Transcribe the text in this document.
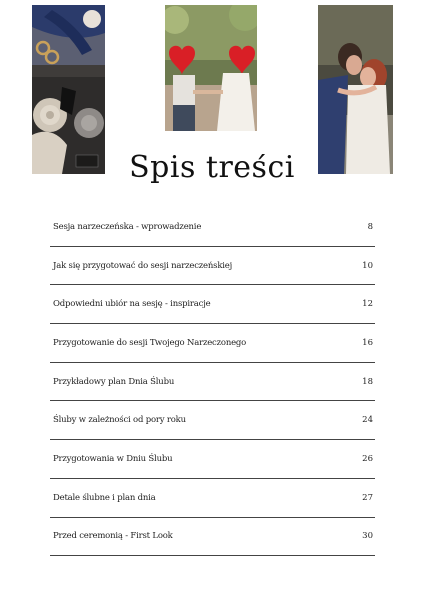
Spis treści
Sesja narzeczeńska - wprowadzenie	8
Jak się przygotować do sesji narzeczeńskiej	10
Odpowiedni ubiór na sesję - inspiracje	12
Przygotowanie do sesji Twojego Narzeczonego	16
Przykładowy plan Dnia Ślubu	18
Śluby w zależności od pory roku	24
Przygotowania w Dniu Ślubu	26
Detale ślubne i plan dnia	27
Przed ceremonią - First Look	30
